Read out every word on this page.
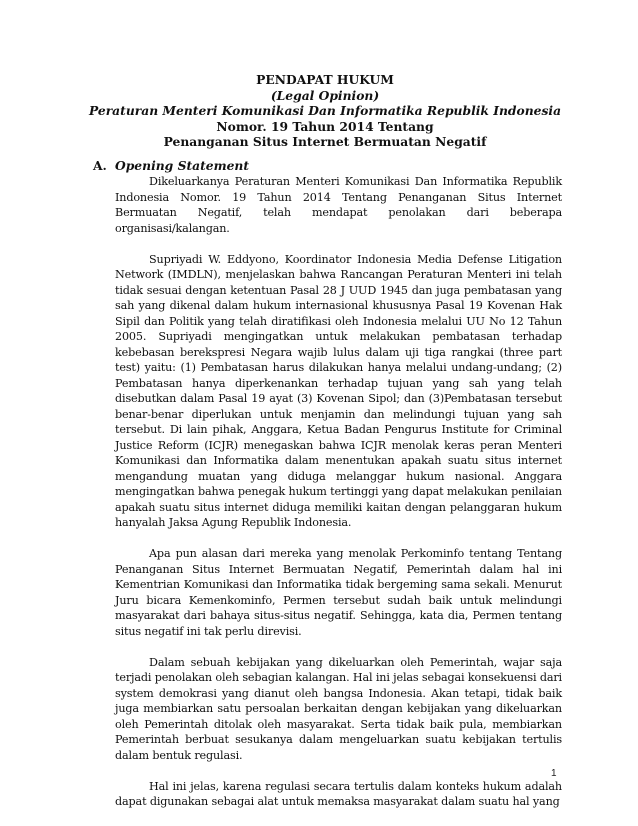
PENDAPAT HUKUM
(Legal Opinion)
Peraturan Menteri Komunikasi Dan Informatika Republik Indonesia
Nomor. 19 Tahun 2014 Tentang
Penanganan Situs Internet Bermuatan Negatif
A. Opening Statement

Dikeluarkanya Peraturan Menteri Komunikasi Dan Informatika Republik Indonesia Nomor. 19 Tahun 2014 Tentang Penanganan Situs Internet Bermuatan Negatif, telah mendapat penolakan dari beberapa organisasi/kalangan.

Supriyadi W. Eddyono, Koordinator Indonesia Media Defense Litigation Network (IMDLN), menjelaskan bahwa Rancangan Peraturan Menteri ini telah tidak sesuai dengan ketentuan Pasal 28 J UUD 1945 dan juga pembatasan yang sah yang dikenal dalam hukum internasional khususnya Pasal 19 Kovenan Hak Sipil dan Politik yang telah diratifikasi oleh Indonesia melalui UU No 12 Tahun 2005. Supriyadi mengingatkan untuk melakukan pembatasan terhadap kebebasan berekspresi Negara wajib lulus dalam uji tiga rangkai (three part test) yaitu: (1) Pembatasan harus dilakukan hanya melalui undang-undang; (2) Pembatasan hanya diperkenankan terhadap tujuan yang sah yang telah disebutkan dalam Pasal 19 ayat (3) Kovenan Sipol; dan (3)Pembatasan tersebut benar-benar diperlukan untuk menjamin dan melindungi tujuan yang sah tersebut. Di lain pihak, Anggara, Ketua Badan Pengurus Institute for Criminal Justice Reform (ICJR) menegaskan bahwa ICJR menolak keras peran Menteri Komunikasi dan Informatika dalam menentukan apakah suatu situs internet mengandung muatan yang diduga melanggar hukum nasional. Anggara mengingatkan bahwa penegak hukum tertinggi yang dapat melakukan penilaian apakah suatu situs internet diduga memiliki kaitan dengan pelanggaran hukum hanyalah Jaksa Agung Republik Indonesia.

Apa pun alasan dari mereka yang menolak Perkominfo tentang Tentang Penanganan Situs Internet Bermuatan Negatif, Pemerintah dalam hal ini Kementrian Komunikasi dan Informatika tidak bergeming sama sekali. Menurut Juru bicara Kemenkominfo, Permen tersebut sudah baik untuk melindungi masyarakat dari bahaya situs-situs negatif. Sehingga, kata dia, Permen tentang situs negatif ini tak perlu direvisi.

Dalam sebuah kebijakan yang dikeluarkan oleh Pemerintah, wajar saja terjadi penolakan oleh sebagian kalangan. Hal ini jelas sebagai konsekuensi dari system demokrasi yang dianut oleh bangsa Indonesia. Akan tetapi, tidak baik juga membiarkan satu persoalan berkaitan dengan kebijakan yang dikeluarkan oleh Pemerintah ditolak oleh masyarakat. Serta tidak baik pula, membiarkan Pemerintah berbuat sesukanya dalam mengeluarkan suatu kebijakan tertulis dalam bentuk regulasi.

Hal ini jelas, karena regulasi secara tertulis dalam konteks hukum adalah dapat digunakan sebagai alat untuk memaksa masyarakat dalam suatu hal yang

1
